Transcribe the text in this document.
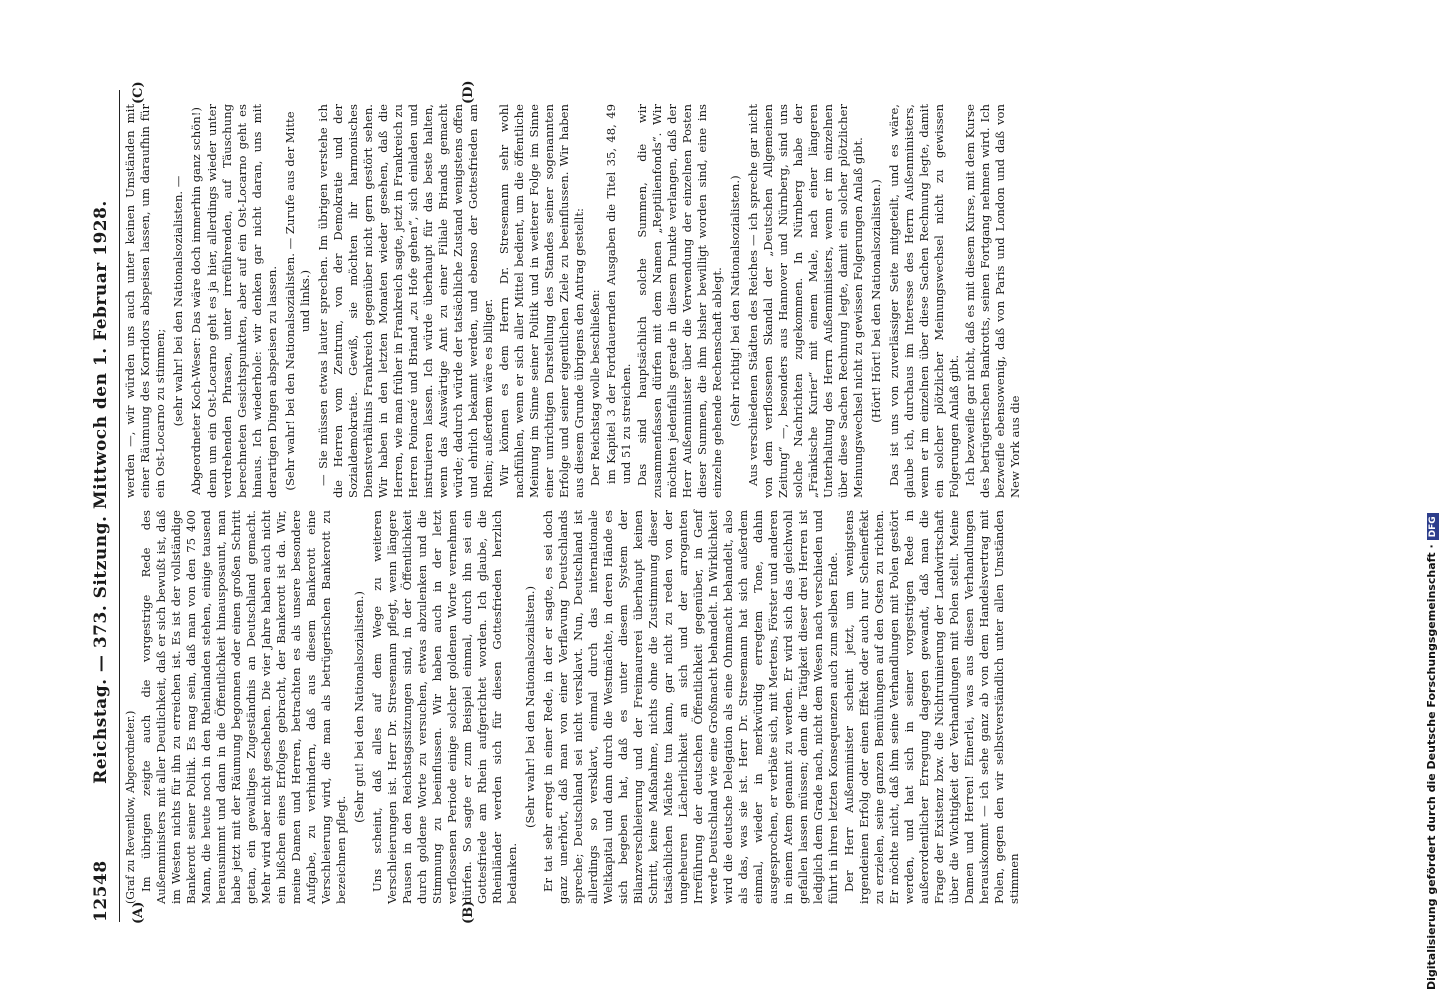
12548
Reichstag. — 373. Sitzung. Mittwoch den 1. Februar 1928.
(A)	(B)
(C)	(D)

(Graf zu Reventlow, Abgeordneter.) Im übrigen zeigte auch die vorgestrige Rede des Außenministers mit aller Deutlichkeit, daß er sich bewußt ist, daß im Westen nichts für ihn zu erreichen ist. Es ist der vollständige Bankerott seiner Politik. Es mag sein, daß man von den 75 400 Mann, die heute noch in den Rheinlanden stehen, einige tausend herausnimmt und dann in die Öffentlichkeit hinausposaunt, man habe jetzt mit der Räumung begonnen oder einen großen Schritt getan, ein gewaltiges Zugeständnis an Deutschland gemacht. Mehr wird aber nicht geschehen. Die vier Jahre haben auch nicht ein bißchen eines Erfolges gebracht, der Bankerott ist da. Wir, meine Damen und Herren, betrachten es als unsere besondere Aufgabe, zu verhindern, daß aus diesem Bankerott eine Verschleierung wird, die man als betrügerischen Bankerott zu bezeichnen pflegt.

(Sehr gut! bei den Nationalsozialisten.) Uns scheint, daß alles auf dem Wege zu weiteren Verschleierungen ist. Herr Dr. Stresemann pflegt, wenn längere Pausen in den Reichstagssitzungen sind, in der Öffentlichkeit durch goldene Worte zu versuchen, etwas abzulenken und die Stimmung zu beeinflussen. Wir haben auch in der letzt verflossenen Periode einige solcher goldenen Worte vernehmen dürfen. So sagte er zum Beispiel einmal, durch ihn sei ein Gottesfriede am Rhein aufgerichtet worden. Ich glaube, die Rheinländer werden sich für diesen Gottesfrieden herzlich bedanken.

(Sehr wahr! bei den Nationalsozialisten.) Er tat sehr erregt in einer Rede, in der er sagte, es sei doch ganz unerhört, daß man von einer Verflavung Deutschlands spreche; Deutschland sei nicht versklavt. Nun, Deutschland ist allerdings so versklavt, einmal durch das internationale Weltkapital und dann durch die Westmächte, in deren Hände es sich begeben hat, daß es unter diesem System der Bilanzverschleierung und der Freimaurerei überhaupt keinen Schritt, keine Maßnahme, nichts ohne die Zustimmung dieser tatsächlichen Mächte tun kann, gar nicht zu reden von der ungeheuren Lächerlichkeit an sich und der arroganten Irreführung der deutschen Öffentlichkeit gegenüber, in Genf werde Deutschland wie eine Großmacht behandelt. In Wirklichkeit wird die deutsche Delegation als eine Ohnmacht behandelt, also als das, was sie ist. Herr Dr. Stresemann hat sich außerdem einmal, wieder in merkwürdig erregtem Tone, dahin ausgesprochen, er verbäte sich, mit Mertens, Förster und anderen in einem Atem genannt zu werden. Er wird sich das gleichwohl gefallen lassen müssen; denn die Tätigkeit dieser drei Herren ist lediglich dem Grade nach, nicht dem Wesen nach verschieden und führt in ihren letzten Konsequenzen auch zum selben Ende. Der Herr Außenminister scheint jetzt, um wenigstens irgendeinen Erfolg oder einen Effekt oder auch nur Scheineffekt zu erzielen, seine ganzen Bemühungen auf den Osten zu richten. Er möchte nicht, daß ihm seine Verhandlungen mit Polen gestört werden, und hat sich in seiner vorgestrigen Rede in außerordentlicher Erregung dagegen gewandt, daß man die Frage der Existenz bzw. die Nichtruinierung der Landwirtschaft über die Wichtigkeit der Verhandlungen mit Polen stellt. Meine Damen und Herren! Einerlei, was aus diesen Verhandlungen herauskommt — ich sehe ganz ab von dem Handelsvertrag mit Polen, gegen den wir selbstverständlich unter allen Umständen stimmen

werden —, wir würden uns auch unter keinen Umständen mit einer Räumung des Korridors abspeisen lassen, um daraufhin für ein Ost-Locarno zu stimmen; (sehr wahr! bei den Nationalsozialisten. — Abgeordneter Koch-Weser: Das wäre doch immerhin ganz schön!) denn um ein Ost-Locarno geht es ja hier, allerdings wieder unter verdrehenden Phrasen, unter irreführenden, auf Täuschung berechneten Gesichtspunkten, aber auf ein Ost-Locarno geht es hinaus. Ich wiederhole: wir denken gar nicht daran, uns mit derartigen Dingen abspeisen zu lassen. (Sehr wahr! bei den Nationalsozialisten. — Zurufe aus der Mitte und links.) — Sie müssen etwas lauter sprechen. Im übrigen verstehe ich die Herren vom Zentrum, von der Demokratie und der Sozialdemokratie. Gewiß, sie möchten ihr harmonisches Dienstverhältnis Frankreich gegenüber nicht gern gestört sehen. Wir haben in den letzten Monaten wieder gesehen, daß die Herren, wie man früher in Frankreich sagte, jetzt in Frankreich zu Herren Poincaré und Briand „zu Hofe gehen“, sich einladen und instruieren lassen. Ich würde überhaupt für das beste halten, wenn das Auswärtige Amt zu einer Filiale Briands gemacht würde; dadurch würde der tatsächliche Zustand wenigstens offen und ehrlich bekannt werden, und ebenso der Gottesfrieden am Rhein; außerdem wäre es billiger. Wir können es dem Herrn Dr. Stresemann sehr wohl nachfühlen, wenn er sich aller Mittel bedient, um die öffentliche Meinung im Sinne seiner Politik und in weiterer Folge im Sinne einer unrichtigen Darstellung des Standes seiner sogenannten Erfolge und seiner eigentlichen Ziele zu beeinflussen. Wir haben aus diesem Grunde übrigens den Antrag gestellt: Der Reichstag wolle beschließen: im Kapitel 3 der Fortdauernden Ausgaben die Titel 35, 48, 49 und 51 zu streichen. Das sind hauptsächlich solche Summen, die wir zusammenfassen dürfen mit dem Namen „Reptilienfonds“. Wir möchten jedenfalls gerade in diesem Punkte verlangen, daß der Herr Außenminister über die Verwendung der einzelnen Posten dieser Summen, die ihm bisher bewilligt worden sind, eine ins einzelne gehende Rechenschaft ablegt. (Sehr richtig! bei den Nationalsozialisten.) Aus verschiedenen Städten des Reiches — ich spreche gar nicht von dem verflossenen Skandal der „Deutschen Allgemeinen Zeitung“ —, besonders aus Hannover und Nürnberg, sind uns solche Nachrichten zugekommen. In Nürnberg habe der „Fränkische Kurier“ mit einem Male, nach einer längeren Unterhaltung des Herrn Außenministers, wenn er im einzelnen über diese Sachen Rechnung legte, damit ein solcher plötzlicher Meinungswechsel nicht zu gewissen Folgerungen Anlaß gibt. (Hört! Hört! bei den Nationalsozialisten.) Das ist uns von zuverlässiger Seite mitgeteilt, und es wäre, glaube ich, durchaus im Interesse des Herrn Außenministers, wenn er im einzelnen über diese Sachen Rechnung legte, damit ein solcher plötzlicher Meinungswechsel nicht zu gewissen Folgerungen Anlaß gibt. Ich bezweifle gar nicht, daß es mit diesem Kurse, mit dem Kurse des betrügerischen Bankrotts, seinen Fortgang nehmen wird. Ich bezweifle ebensowenig, daß von Paris und London und daß von New York aus die

Digitalisierung gefördert durch die Deutsche Forschungsgemeinschaft ·DFG
